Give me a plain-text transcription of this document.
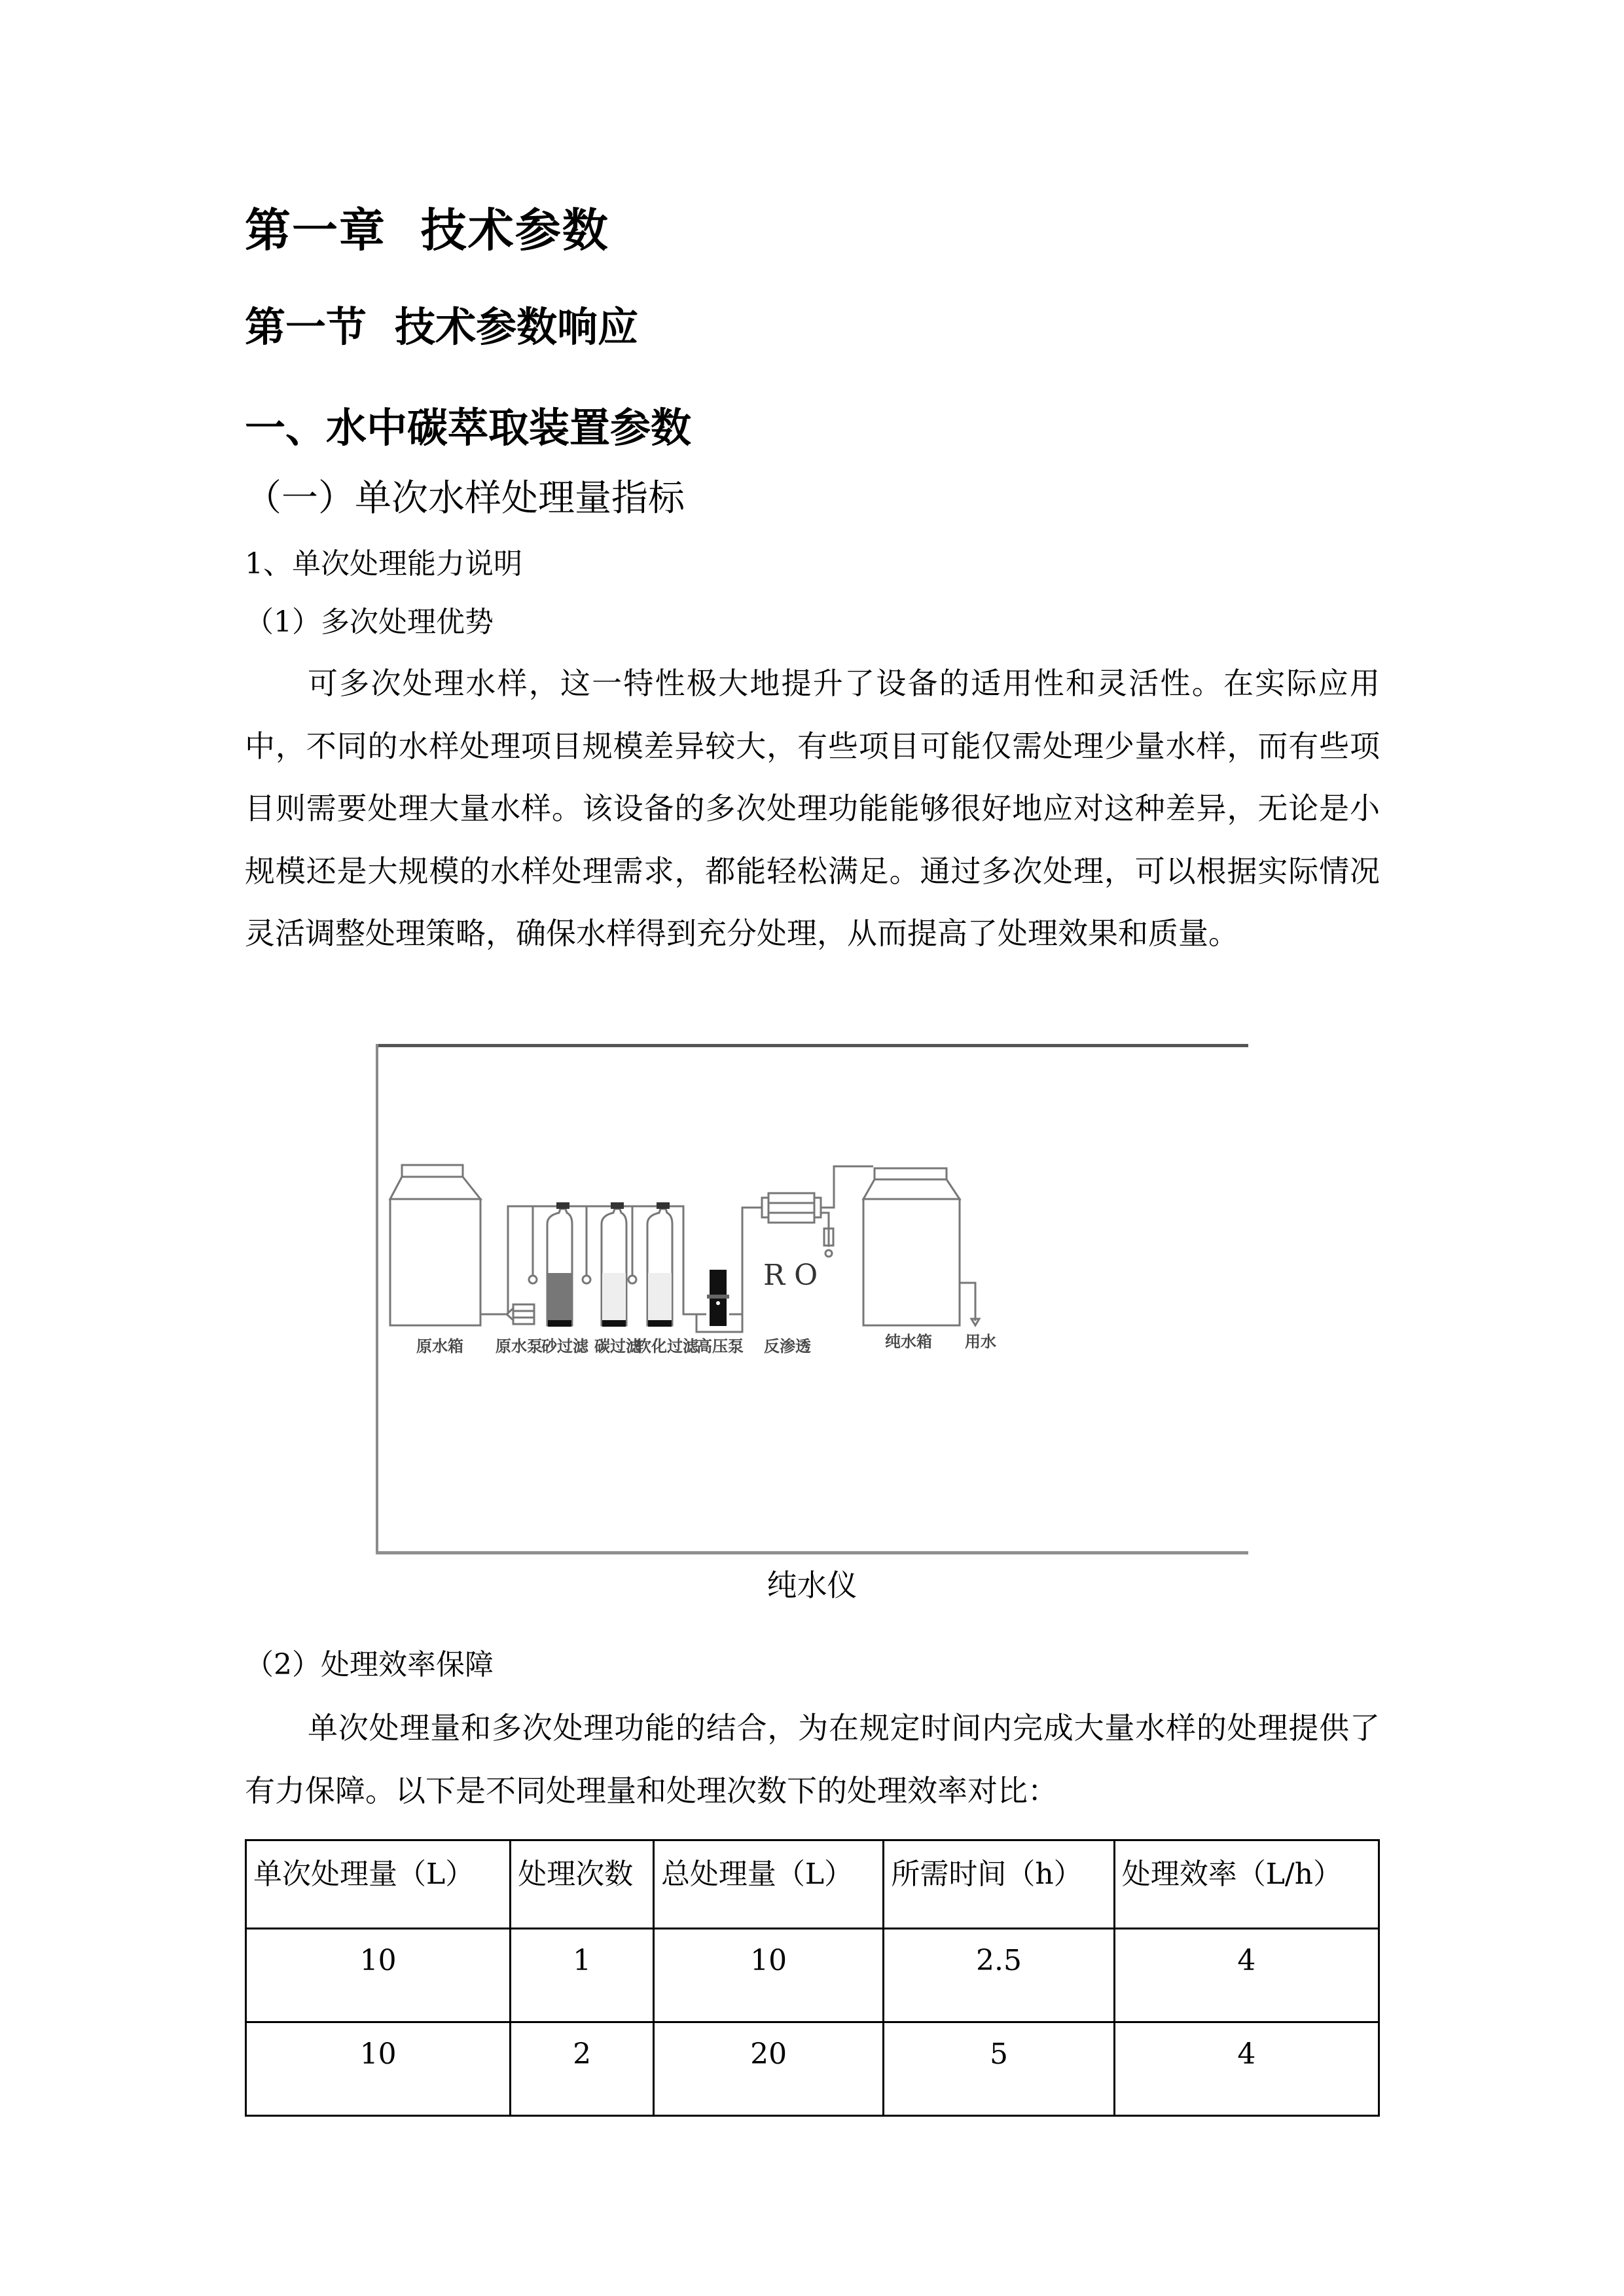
第一章  技术参数
第一节  技术参数响应
一、水中碳萃取装置参数
（一）单次水样处理量指标
1、单次处理能力说明
（1）多次处理优势
可多次处理水样，这一特性极大地提升了设备的适用性和灵活性。在实际应用中，不同的水样处理项目规模差异较大，有些项目可能仅需处理少量水样，而有些项目则需要处理大量水样。该设备的多次处理功能能够很好地应对这种差异，无论是小规模还是大规模的水样处理需求，都能轻松满足。通过多次处理，可以根据实际情况灵活调整处理策略，确保水样得到充分处理，从而提高了处理效果和质量。
原水箱 原水泵
砂过滤 碳过滤
软化过滤
高压泵
R O
反渗透	纯水箱 用水
纯水仪
（2）处理效率保障
单次处理量和多次处理功能的结合，为在规定时间内完成大量水样的处理提供了有力保障。以下是不同处理量和处理次数下的处理效率对比：
单次处理量（L）	处理次数	总处理量（L）	所需时间（h）	处理效率（L/h）
10	1	10	2.5	4
10	2	20	5	4
